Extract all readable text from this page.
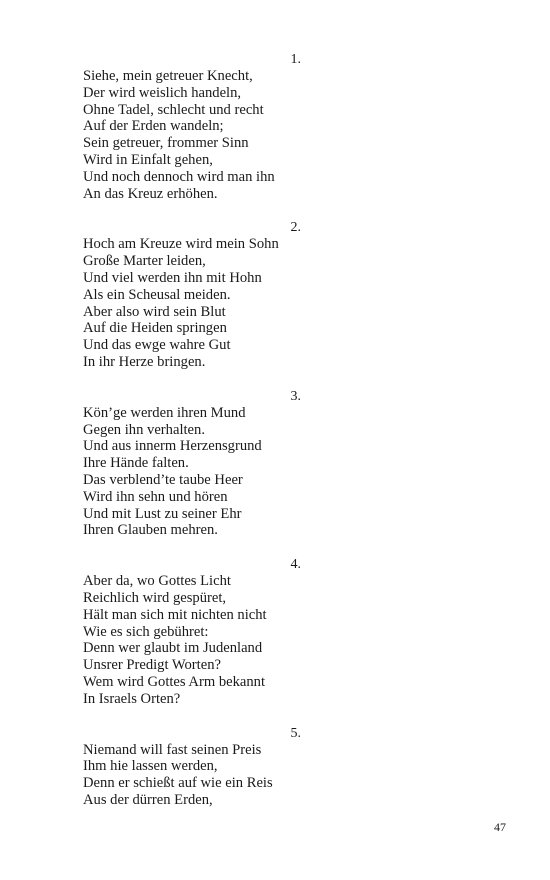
1.
Siehe, mein getreuer Knecht,
Der wird weislich handeln,
Ohne Tadel, schlecht und recht
Auf der Erden wandeln;
Sein getreuer, frommer Sinn
Wird in Einfalt gehen,
Und noch dennoch wird man ihn
An das Kreuz erhöhen.
2.
Hoch am Kreuze wird mein Sohn
Große Marter leiden,
Und viel werden ihn mit Hohn
Als ein Scheusal meiden.
Aber also wird sein Blut
Auf die Heiden springen
Und das ewge wahre Gut
In ihr Herze bringen.
3.
Kön’ge werden ihren Mund
Gegen ihn verhalten.
Und aus innerm Herzensgrund
Ihre Hände falten.
Das verblend’te taube Heer
Wird ihn sehn und hören
Und mit Lust zu seiner Ehr
Ihren Glauben mehren.
4.
Aber da, wo Gottes Licht
Reichlich wird gespüret,
Hält man sich mit nichten nicht
Wie es sich gebühret:
Denn wer glaubt im Judenland
Unsrer Predigt Worten?
Wem wird Gottes Arm bekannt
In Israels Orten?
5.
Niemand will fast seinen Preis
Ihm hie lassen werden,
Denn er schießt auf wie ein Reis
Aus der dürren Erden,
47
